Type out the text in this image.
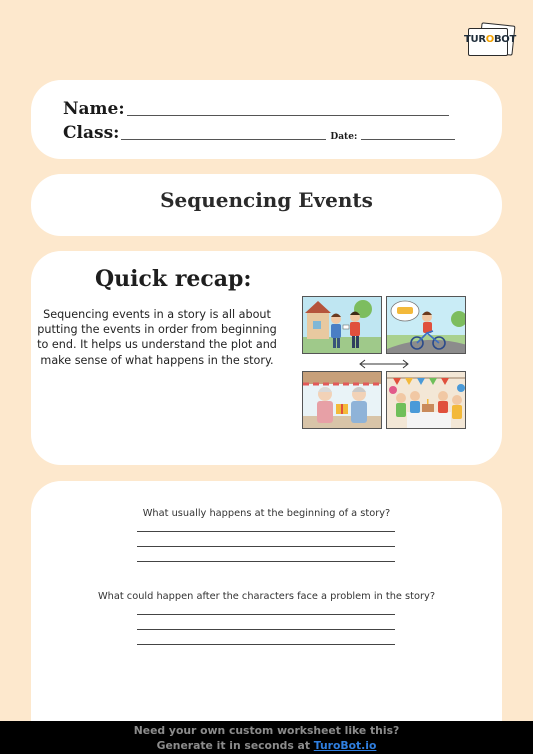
TUROBOT
Name:
Class:	Date:
Sequencing Events
Quick recap:
Sequencing events in a story is all about putting the events in order from beginning to end. It helps us understand the plot and make sense of what happens in the story.
What usually happens at the beginning of a story?
What could happen after the characters face a problem in the story?
Need your own custom worksheet like this?
Generate it in seconds at TuroBot.io
